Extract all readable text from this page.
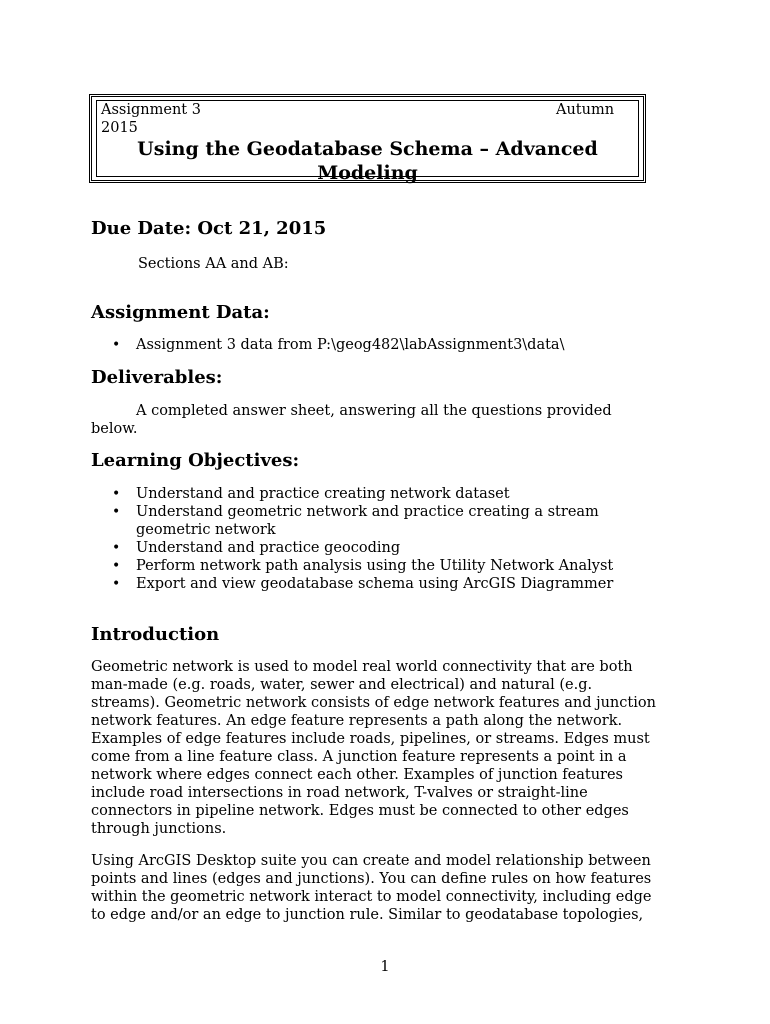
Assignment 3	Autumn
2015
Using the Geodatabase Schema – Advanced
Modeling
Due Date: Oct 21, 2015
Sections AA and AB:
Assignment Data:
• Assignment 3 data from P:\geog482\labAssignment3\data\
Deliverables:
A completed answer sheet, answering all the questions provided
below.
Learning Objectives:
• Understand and practice creating network dataset
• Understand geometric network and practice creating a stream
geometric network
• Understand and practice geocoding
• Perform network path analysis using the Utility Network Analyst
• Export and view geodatabase schema using ArcGIS Diagrammer
Introduction
Geometric network is used to model real world connectivity that are both
man-made (e.g. roads, water, sewer and electrical) and natural (e.g.
streams). Geometric network consists of edge network features and junction
network features. An edge feature represents a path along the network.
Examples of edge features include roads, pipelines, or streams. Edges must
come from a line feature class. A junction feature represents a point in a
network where edges connect each other. Examples of junction features
include road intersections in road network, T-valves or straight-line
connectors in pipeline network. Edges must be connected to other edges
through junctions.
Using ArcGIS Desktop suite you can create and model relationship between
points and lines (edges and junctions). You can define rules on how features
within the geometric network interact to model connectivity, including edge
to edge and/or an edge to junction rule. Similar to geodatabase topologies,
1
